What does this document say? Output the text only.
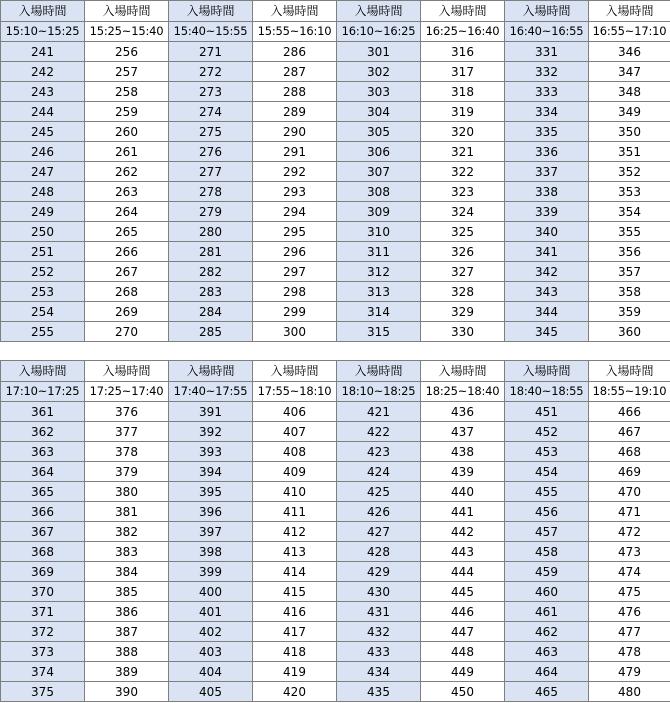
入場時間	入場時間	入場時間	入場時間	入場時間	入場時間	入場時間	入場時間
15:10~15:25	15:25~15:40	15:40~15:55	15:55~16:10	16:10~16:25	16:25~16:40	16:40~16:55	16:55~17:10
241	256	271	286	301	316	331	346
242	257	272	287	302	317	332	347
243	258	273	288	303	318	333	348
244	259	274	289	304	319	334	349
245	260	275	290	305	320	335	350
246	261	276	291	306	321	336	351
247	262	277	292	307	322	337	352
248	263	278	293	308	323	338	353
249	264	279	294	309	324	339	354
250	265	280	295	310	325	340	355
251	266	281	296	311	326	341	356
252	267	282	297	312	327	342	357
253	268	283	298	313	328	343	358
254	269	284	299	314	329	344	359
255	270	285	300	315	330	345	360
入場時間	入場時間	入場時間	入場時間	入場時間	入場時間	入場時間	入場時間
17:10~17:25	17:25~17:40	17:40~17:55	17:55~18:10	18:10~18:25	18:25~18:40	18:40~18:55	18:55~19:10
361	376	391	406	421	436	451	466
362	377	392	407	422	437	452	467
363	378	393	408	423	438	453	468
364	379	394	409	424	439	454	469
365	380	395	410	425	440	455	470
366	381	396	411	426	441	456	471
367	382	397	412	427	442	457	472
368	383	398	413	428	443	458	473
369	384	399	414	429	444	459	474
370	385	400	415	430	445	460	475
371	386	401	416	431	446	461	476
372	387	402	417	432	447	462	477
373	388	403	418	433	448	463	478
374	389	404	419	434	449	464	479
375	390	405	420	435	450	465	480
